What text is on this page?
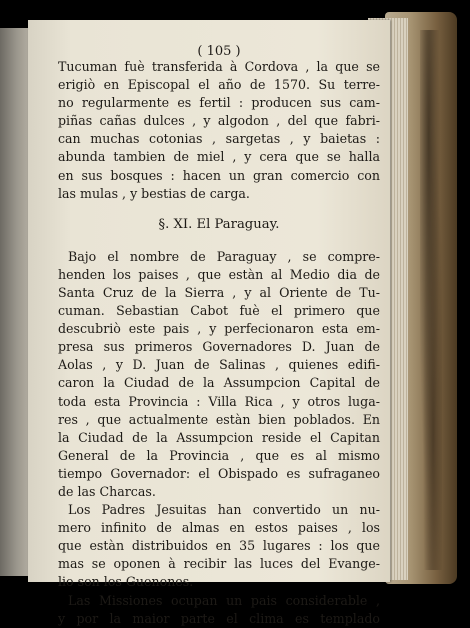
( 105 )
Tucuman fuè transferida à Cordova , la que se
erigiò en Episcopal el año de 1570. Su terre-
no regularmente es fertil : producen sus cam-
piñas cañas dulces , y algodon , del que fabri-
can muchas cotonias , sargetas , y baietas :
abunda tambien de miel , y cera que se halla
en sus bosques : hacen un gran comercio con
las mulas , y bestias de carga.
§. XI. El Paraguay.
Bajo el nombre de Paraguay , se compre-
henden los paises , que estàn al Medio dia de
Santa Cruz de la Sierra , y al Oriente de Tu-
cuman. Sebastian Cabot fuè el primero que
descubriò este pais , y perfecionaron esta em-
presa sus primeros Governadores D. Juan de
Aolas , y D. Juan de Salinas , quienes edifi-
caron la Ciudad de la Assumpcion Capital de
toda esta Provincia : Villa Rica , y otros luga-
res , que actualmente estàn bien poblados. En
la Ciudad de la Assumpcion reside el Capitan
General de la Provincia , que es al mismo
tiempo Governador: el Obispado es sufraganeo
de las Charcas.
Los Padres Jesuitas han convertido un nu-
mero infinito de almas en estos paises , los
que estàn distribuidos en 35 lugares : los que
mas se oponen à recibir las luces del Evange-
lio son los Guenones.
Las Missiones ocupan un pais considerable ,
y por la maior parte el clima es templado
